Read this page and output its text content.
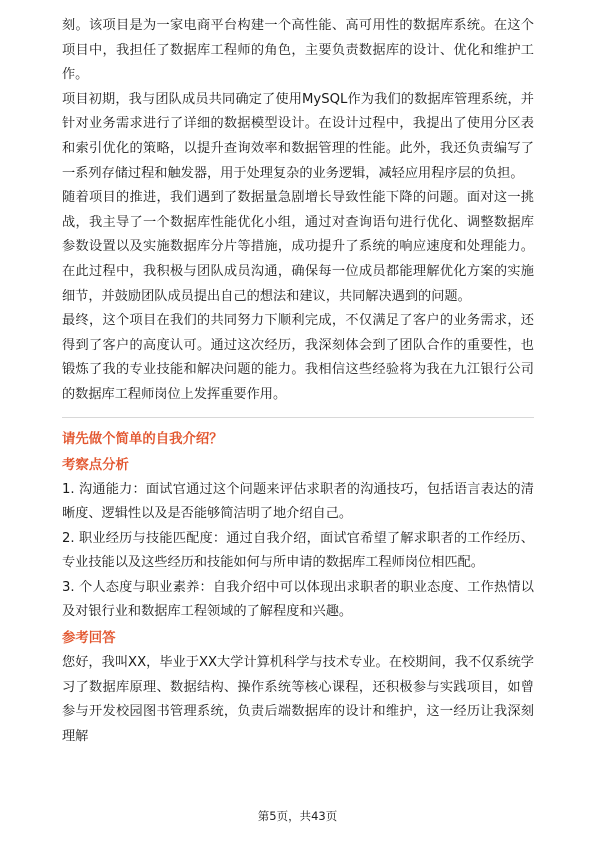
刻。该项目是为一家电商平台构建一个高性能、高可用性的数据库系统。在这个项目中，我担任了数据库工程师的角色，主要负责数据库的设计、优化和维护工作。

项目初期，我与团队成员共同确定了使用MySQL作为我们的数据库管理系统，并针对业务需求进行了详细的数据模型设计。在设计过程中，我提出了使用分区表和索引优化的策略，以提升查询效率和数据管理的性能。此外，我还负责编写了一系列存储过程和触发器，用于处理复杂的业务逻辑，减轻应用程序层的负担。

随着项目的推进，我们遇到了数据量急剧增长导致性能下降的问题。面对这一挑战，我主导了一个数据库性能优化小组，通过对查询语句进行优化、调整数据库参数设置以及实施数据库分片等措施，成功提升了系统的响应速度和处理能力。在此过程中，我积极与团队成员沟通，确保每一位成员都能理解优化方案的实施细节，并鼓励团队成员提出自己的想法和建议，共同解决遇到的问题。

最终，这个项目在我们的共同努力下顺利完成，不仅满足了客户的业务需求，还得到了客户的高度认可。通过这次经历，我深刻体会到了团队合作的重要性，也锻炼了我的专业技能和解决问题的能力。我相信这些经验将为我在九江银行公司的数据库工程师岗位上发挥重要作用。

请先做个简单的自我介绍？

考察点分析

1. 沟通能力：面试官通过这个问题来评估求职者的沟通技巧，包括语言表达的清晰度、逻辑性以及是否能够简洁明了地介绍自己。

2. 职业经历与技能匹配度：通过自我介绍，面试官希望了解求职者的工作经历、专业技能以及这些经历和技能如何与所申请的数据库工程师岗位相匹配。

3. 个人态度与职业素养：自我介绍中可以体现出求职者的职业态度、工作热情以及对银行业和数据库工程领域的了解程度和兴趣。

参考回答

您好，我叫XX，毕业于XX大学计算机科学与技术专业。在校期间，我不仅系统学习了数据库原理、数据结构、操作系统等核心课程，还积极参与实践项目，如曾参与开发校园图书管理系统，负责后端数据库的设计和维护，这一经历让我深刻理解

第5页，共43页
